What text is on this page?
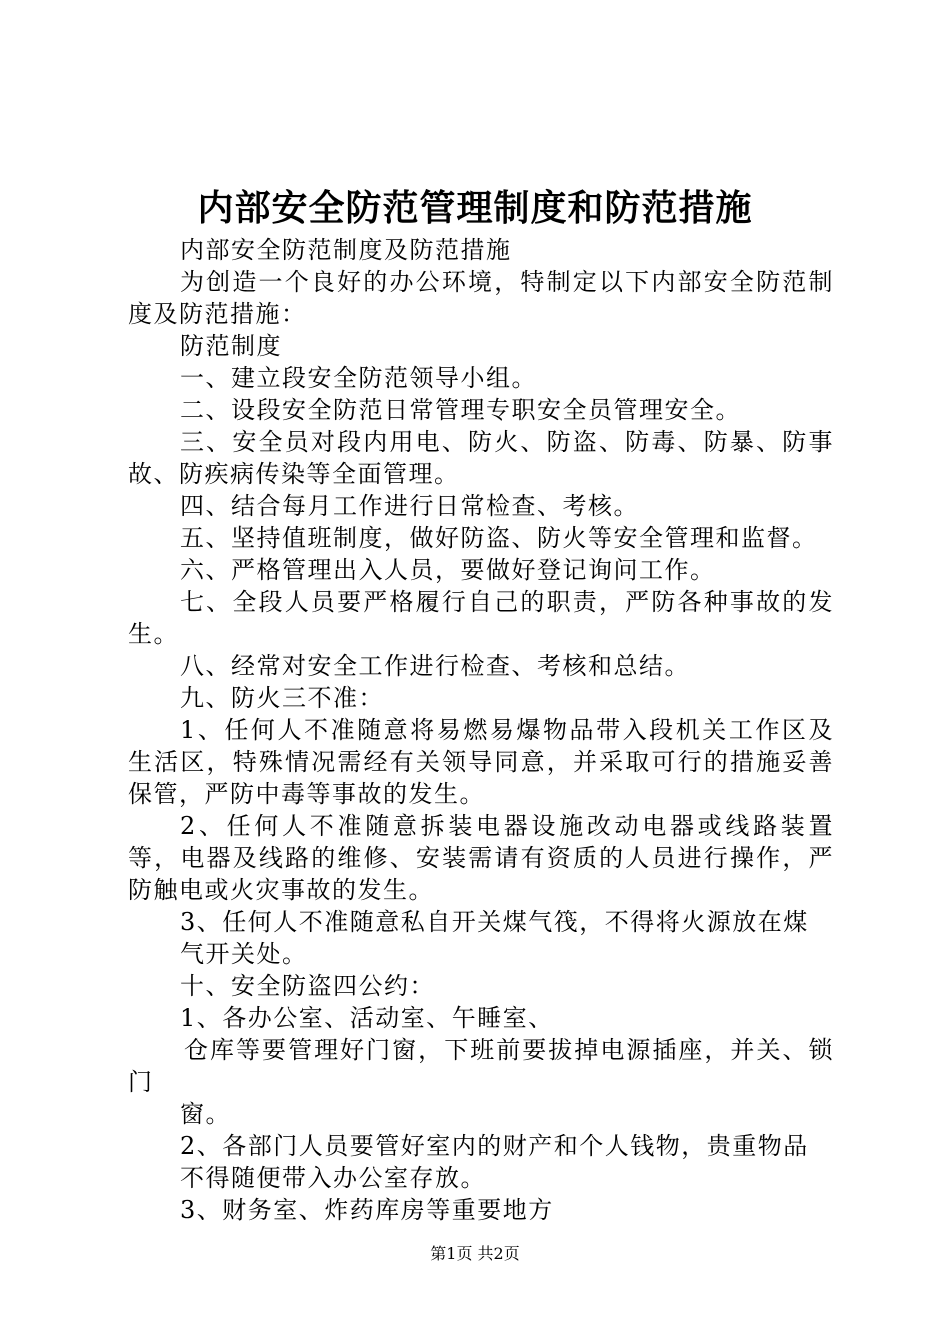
内部安全防范管理制度和防范措施

内部安全防范制度及防范措施

为创造一个良好的办公环境，特制定以下内部安全防范制度及防范措施：

防范制度

一、建立段安全防范领导小组。

二、设段安全防范日常管理专职安全员管理安全。

三、安全员对段内用电、防火、防盗、防毒、防暴、防事故、防疾病传染等全面管理。

四、结合每月工作进行日常检查、考核。

五、坚持值班制度，做好防盗、防火等安全管理和监督。

六、严格管理出入人员，要做好登记询问工作。

七、全段人员要严格履行自己的职责，严防各种事故的发生。

八、经常对安全工作进行检查、考核和总结。

九、防火三不准：

1、任何人不准随意将易燃易爆物品带入段机关工作区及生活区，特殊情况需经有关领导同意，并采取可行的措施妥善保管，严防中毒等事故的发生。

2、任何人不准随意拆装电器设施改动电器或线路装置等，电器及线路的维修、安装需请有资质的人员进行操作，严防触电或火灾事故的发生。

3、任何人不准随意私自开关煤气筏，不得将火源放在煤

气开关处。

十、安全防盗四公约：

1、各办公室、活动室、午睡室、

仓库等要管理好门窗，下班前要拔掉电源插座，并关、锁门

窗。

2、各部门人员要管好室内的财产和个人钱物，贵重物品

不得随便带入办公室存放。

3、财务室、炸药库房等重要地方

第1页 共2页
